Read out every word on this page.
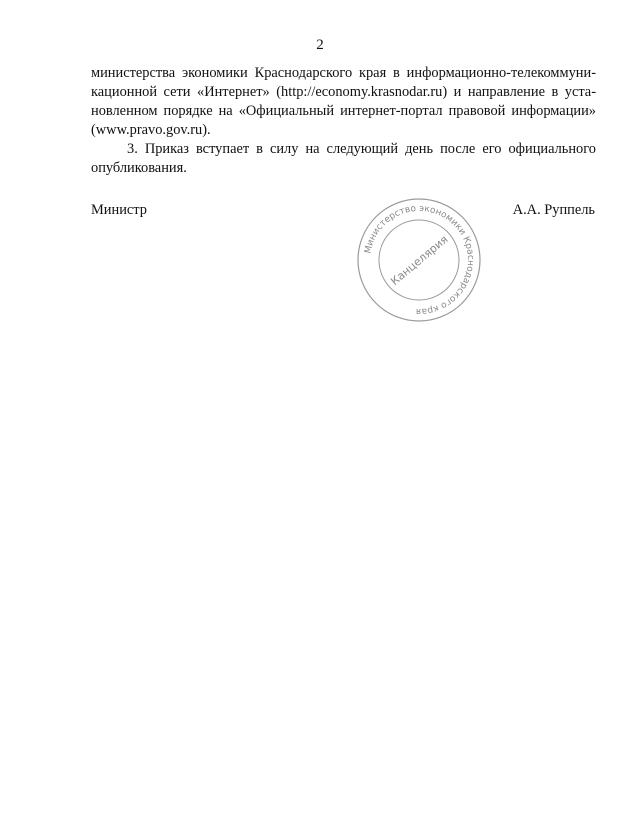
2
министерства экономики Краснодарского края в информационно-телекоммуни-
кационной сети «Интернет» (http://economy.krasnodar.ru) и направление в уста-
новленном порядке на «Официальный интернет-портал правовой информации»
(www.pravo.gov.ru).
3. Приказ вступает в силу на следующий день после его официального
опубликования.
Министр	А.А. Руппель
Министерство экономики Краснодарского края
Канцелярия
